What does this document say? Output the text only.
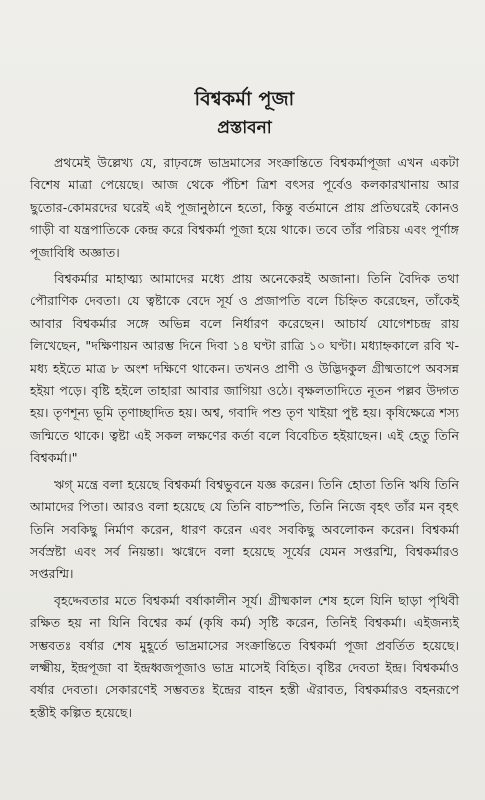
বিশ্বকর্মা পূজা
প্রস্তাবনা

প্রথমেই উল্লেখ্য যে, রাঢ়বঙ্গে ভাদ্রমাসের সংক্রান্তিতে বিশ্বকর্মাপূজা এখন একটা বিশেষ মাত্রা পেয়েছে। আজ থেকে পঁচিশ ত্রিশ বৎসর পূর্বেও কলকারখানায় আর ছুতোর-কোমরদের ঘরেই এই পূজানুষ্ঠানে হতো, কিন্তু বর্তমানে প্রায় প্রতিঘরেই কোনও গাড়ী বা যন্ত্রপাতিকে কেন্দ্র করে বিশ্বকর্মা পূজা হয়ে থাকে। তবে তাঁর পরিচয় এবং পূর্ণাঙ্গ পূজাবিধি অজ্ঞাত।

বিশ্বকর্মার মাহাত্ম্য আমাদের মধ্যে প্রায় অনেকেরই অজানা। তিনি বৈদিক তথা পৌরাণিক দেবতা। যে ত্বষ্টাকে বেদে সূর্য ও প্রজাপতি বলে চিহ্নিত করেছেন, তাঁকেই আবার বিশ্বকর্মার সঙ্গে অভিন্ন বলে নির্ধারণ করেছেন। আচার্য যোগেশচন্দ্র রায় লিখেছেন, "দক্ষিণায়ন আরম্ভ দিনে দিবা ১৪ ঘণ্টা রাত্রি ১০ ঘণ্টা। মধ্যাহ্নকালে রবি খ-মধ্য হইতে মাত্র ৮ অংশ দক্ষিণে থাকেন। তখনও প্রাণী ও উদ্ভিদকুল গ্রীষ্মতাপে অবসন্ন হইয়া পড়ে। বৃষ্টি হইলে তাহারা আবার জাগিয়া ওঠে। বৃক্ষলতাদিতে নূতন পল্লব উদ্গত হয়। তৃণশূন্য ভূমি তৃণাচ্ছাদিত হয়। অশ্ব, গবাদি পশু তৃণ খাইয়া পুষ্ট হয়। কৃষিক্ষেত্রে শস্য জন্মিতে থাকে। ত্বষ্টা এই সকল লক্ষণের কর্তা বলে বিবেচিত হইয়াছেন। এই হেতু তিনি বিশ্বকর্মা।"

ঋগ্ মন্ত্রে বলা হয়েছে বিশ্বকর্মা বিশ্বভুবনে যজ্ঞ করেন। তিনি হোতা তিনি ঋষি তিনি আমাদের পিতা। আরও বলা হয়েছে যে তিনি বাচস্পতি, তিনি নিজে বৃহৎ তাঁর মন বৃহৎ তিনি সবকিছু নির্মাণ করেন, ধারণ করেন এবং সবকিছু অবলোকন করেন। বিশ্বকর্মা সর্বস্রষ্টা এবং সর্ব নিয়ন্তা। ঋগ্বেদে বলা হয়েছে সূর্যের যেমন সপ্তরশ্মি, বিশ্বকর্মারও সপ্তরশ্মি।

বৃহদ্দেবতার মতে বিশ্বকর্মা বর্ষাকালীন সূর্য। গ্রীষ্মকাল শেষ হলে যিনি ছাড়া পৃথিবী রক্ষিত হয় না যিনি বিশ্বের কর্ম (কৃষি কর্ম) সৃষ্টি করেন, তিনিই বিশ্বকর্মা। এইজন্যই সম্ভবতঃ বর্ষার শেষ মুহূর্তে ভাদ্রমাসের সংক্রান্তিতে বিশ্বকর্মা পূজা প্রবর্তিত হয়েছে। লক্ষ্মীয়, ইন্দ্রপূজা বা ইন্দ্রধ্বজপূজাও ভাদ্র মাসেই বিহিত। বৃষ্টির দেবতা ইন্দ্র। বিশ্বকর্মাও বর্ষার দেবতা। সেকারণেই সম্ভবতঃ ইন্দ্রের বাহন হস্তী ঐরাবত, বিশ্বকর্মারও বহনরূপে হস্তীই কল্পিত হয়েছে।
